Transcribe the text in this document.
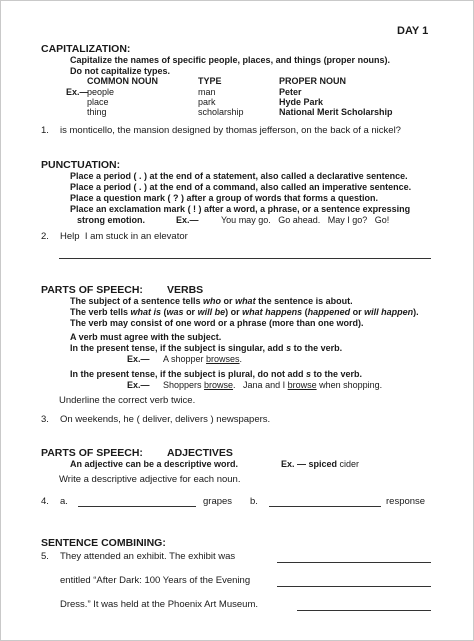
DAY 1
CAPITALIZATION:
Capitalize the names of specific people, places, and things (proper nouns).
Do not capitalize types.
COMMON NOUN	TYPE	PROPER NOUN
Ex.—
people	man	Peter
place	park	Hyde Park
thing	scholarship	National Merit Scholarship
1. is monticello, the mansion designed by thomas jefferson, on the back of a nickel?
PUNCTUATION:
Place a period ( . ) at the end of a statement, also called a declarative sentence.
Place a period ( . ) at the end of a command, also called an imperative sentence.
Place a question mark ( ? ) after a group of words that forms a question.
Place an exclamation mark ( ! ) after a word, a phrase, or a sentence expressing
strong emotion.	Ex.— You may go.   Go ahead.   May I go?   Go!
2. Help  I am stuck in an elevator
PARTS OF SPEECH: VERBS
The subject of a sentence tells who or what the sentence is about.
The verb tells what is (was or will be) or what happens (happened or will happen).
The verb may consist of one word or a phrase (more than one word).
A verb must agree with the subject.
In the present tense, if the subject is singular, add s to the verb.
Ex.— A shopper browses.
In the present tense, if the subject is plural, do not add s to the verb.
Ex.— Shoppers browse.   Jana and I browse when shopping.
Underline the correct verb twice.
3. On weekends, he ( deliver, delivers ) newspapers.
PARTS OF SPEECH: ADJECTIVES
An adjective can be a descriptive word.	Ex. — spiced cider
Write a descriptive adjective for each noun.
4. a.	grapes b.	response
SENTENCE COMBINING:
5. They attended an exhibit. The exhibit was
entitled “After Dark: 100 Years of the Evening
Dress.” It was held at the Phoenix Art Museum.
